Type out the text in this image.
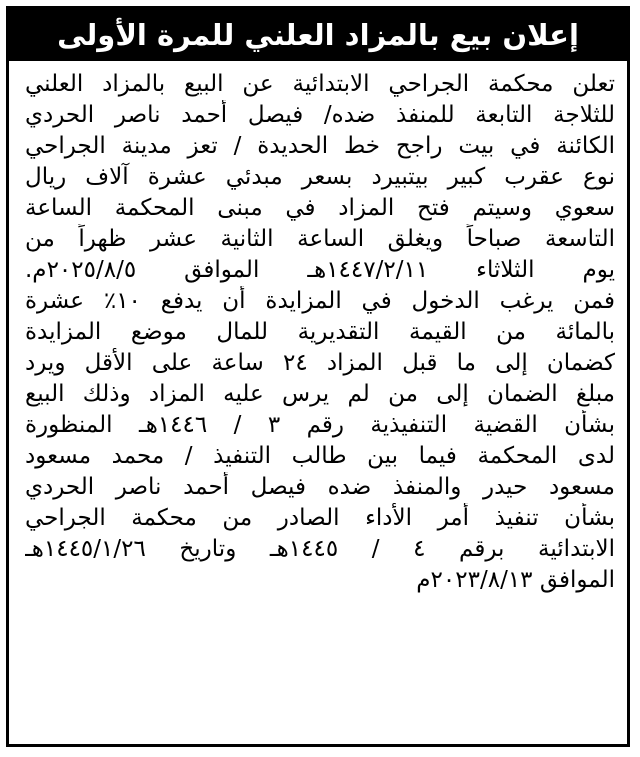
إعلان بيع بالمزاد العلني للمرة الأولى
تعلن محكمة الجراحي الابتدائية عن البيع بالمزاد العلني
للثلاجة التابعة للمنفذ ضده/ فيصل أحمد ناصر الحردي
الكائنة في بيت راجح خط الحديدة / تعز مدينة الجراحي
نوع عقرب كبير بيتبيرد بسعر مبدئي عشرة آلاف ريال
سعوي وسيتم فتح المزاد في مبنى المحكمة الساعة
التاسعة صباحاً ويغلق الساعة الثانية عشر ظهراً من
يوم الثلاثاء ١٤٤٧/٢/١١هـ الموافق ٢٠٢٥/٨/٥م.
فمن يرغب الدخول في المزايدة أن يدفع ١٠٪ عشرة
بالمائة من القيمة التقديرية للمال موضع المزايدة
كضمان إلى ما قبل المزاد ٢٤ ساعة على الأقل ويرد
مبلغ الضمان إلى من لم يرس عليه المزاد وذلك البيع
بشأن القضية التنفيذية رقم ٣ / ١٤٤٦هـ المنظورة
لدى المحكمة فيما بين طالب التنفيذ / محمد مسعود
مسعود حيدر والمنفذ ضده فيصل أحمد ناصر الحردي
بشأن تنفيذ أمر الأداء الصادر من محكمة الجراحي
الابتدائية برقم ٤ / ١٤٤٥هـ وتاريخ ١٤٤٥/١/٢٦هـ
الموافق ٢٠٢٣/٨/١٣م
